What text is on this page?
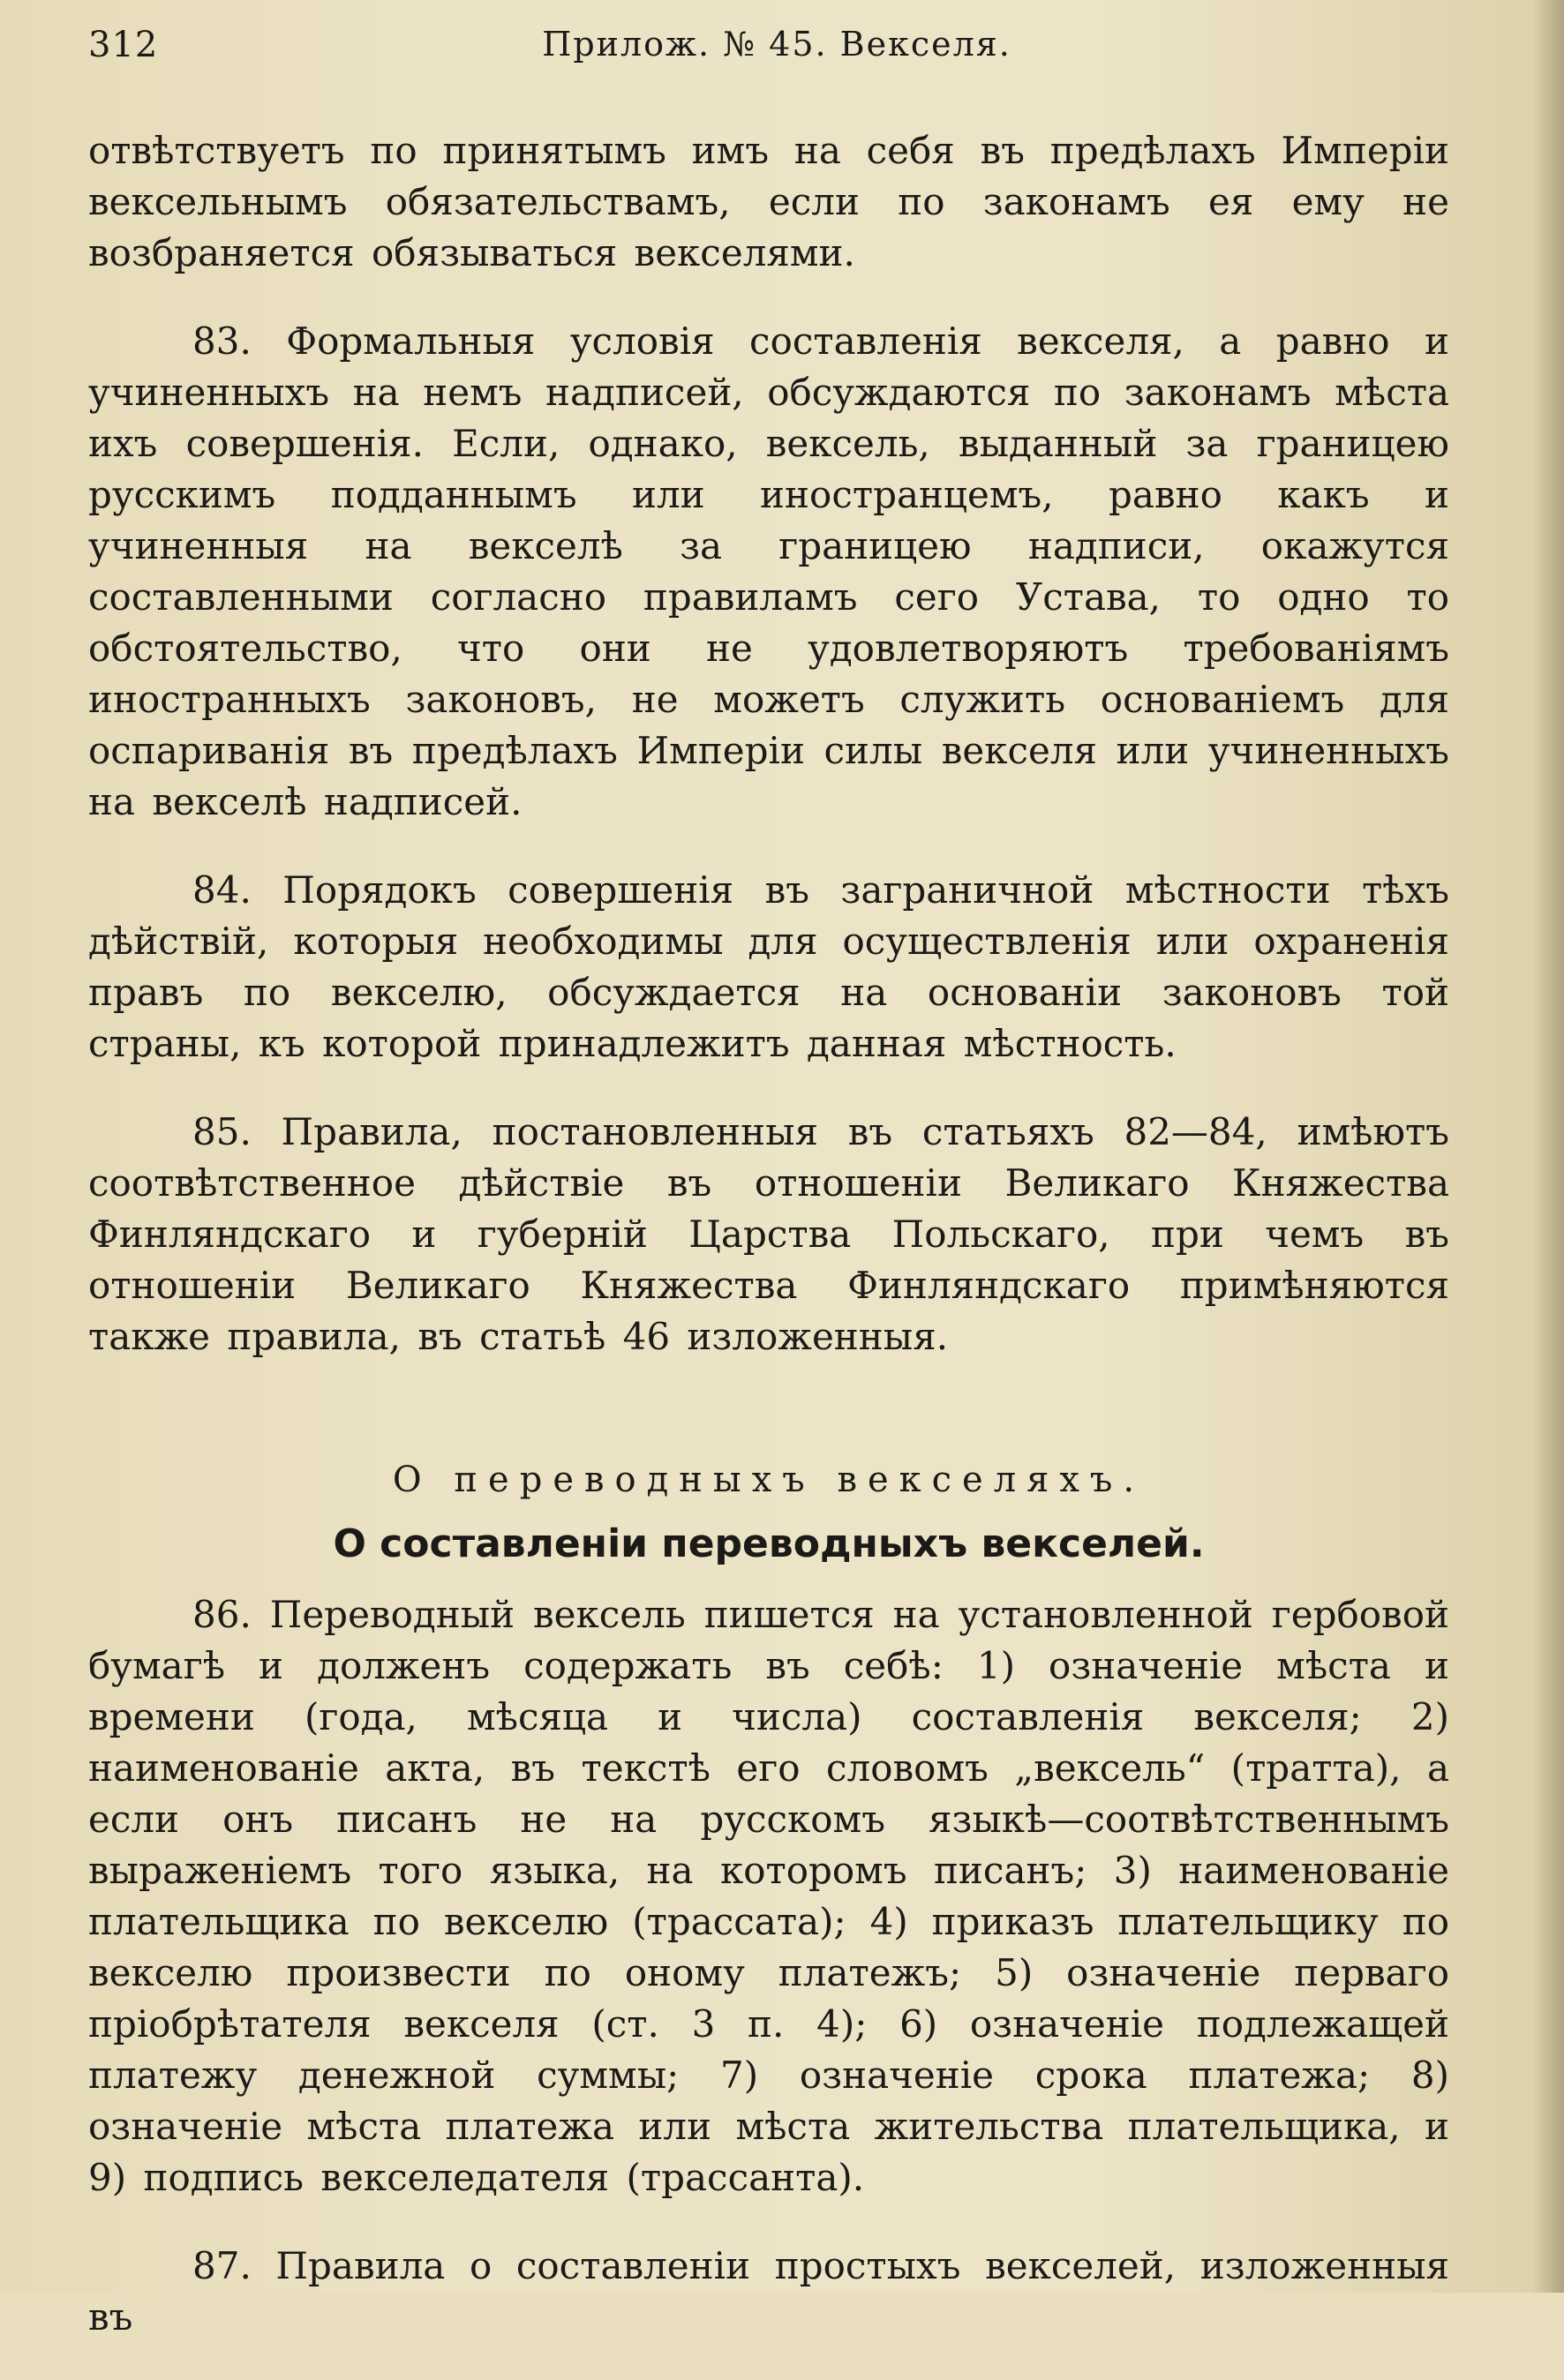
312	Прилож. № 45. Векселя.

отвѣтствуетъ по принятымъ имъ на себя въ предѣлахъ Имперіи вексельнымъ обязательствамъ, если по законамъ ея ему не возбраняется обязываться векселями.

83. Формальныя условія составленія векселя, а равно и учиненныхъ на немъ надписей, обсуждаются по законамъ мѣста ихъ совершенія. Если, однако, вексель, выданный за границею русскимъ подданнымъ или иностранцемъ, равно какъ и учиненныя на векселѣ за границею надписи, окажутся составленными согласно правиламъ сего Устава, то одно то обстоятельство, что они не удовлетворяютъ требованіямъ иностранныхъ законовъ, не можетъ служить основаніемъ для оспариванія въ предѣлахъ Имперіи силы векселя или учиненныхъ на векселѣ надписей.

84. Порядокъ совершенія въ заграничной мѣстности тѣхъ дѣйствій, которыя необходимы для осуществленія или охраненія правъ по векселю, обсуждается на основаніи законовъ той страны, къ которой принадлежитъ данная мѣстность.

85. Правила, постановленныя въ статьяхъ 82—84, имѣютъ соотвѣтственное дѣйствіе въ отношеніи Великаго Княжества Финляндскаго и губерній Царства Польскаго, при чемъ въ отношеніи Великаго Княжества Финляндскаго примѣняются также правила, въ статьѣ 46 изложенныя.

О переводныхъ векселяхъ.
О составленіи переводныхъ векселей.

86. Переводный вексель пишется на установленной гербовой бумагѣ и долженъ содержать въ себѣ: 1) означеніе мѣста и времени (года, мѣсяца и числа) составленія векселя; 2) наименованіе акта, въ текстѣ его словомъ „вексель“ (тратта), а если онъ писанъ не на русскомъ языкѣ—соотвѣтственнымъ выраженіемъ того языка, на которомъ писанъ; 3) наименованіе плательщика по векселю (трассата); 4) приказъ плательщику по векселю произвести по оному платежъ; 5) означеніе перваго пріобрѣтателя векселя (ст. 3 п. 4); 6) означеніе подлежащей платежу денежной суммы; 7) означеніе срока платежа; 8) означеніе мѣста платежа или мѣста жительства плательщика, и 9) подпись векселедателя (трассанта).

87. Правила о составленіи простыхъ векселей, изложенныя въ
